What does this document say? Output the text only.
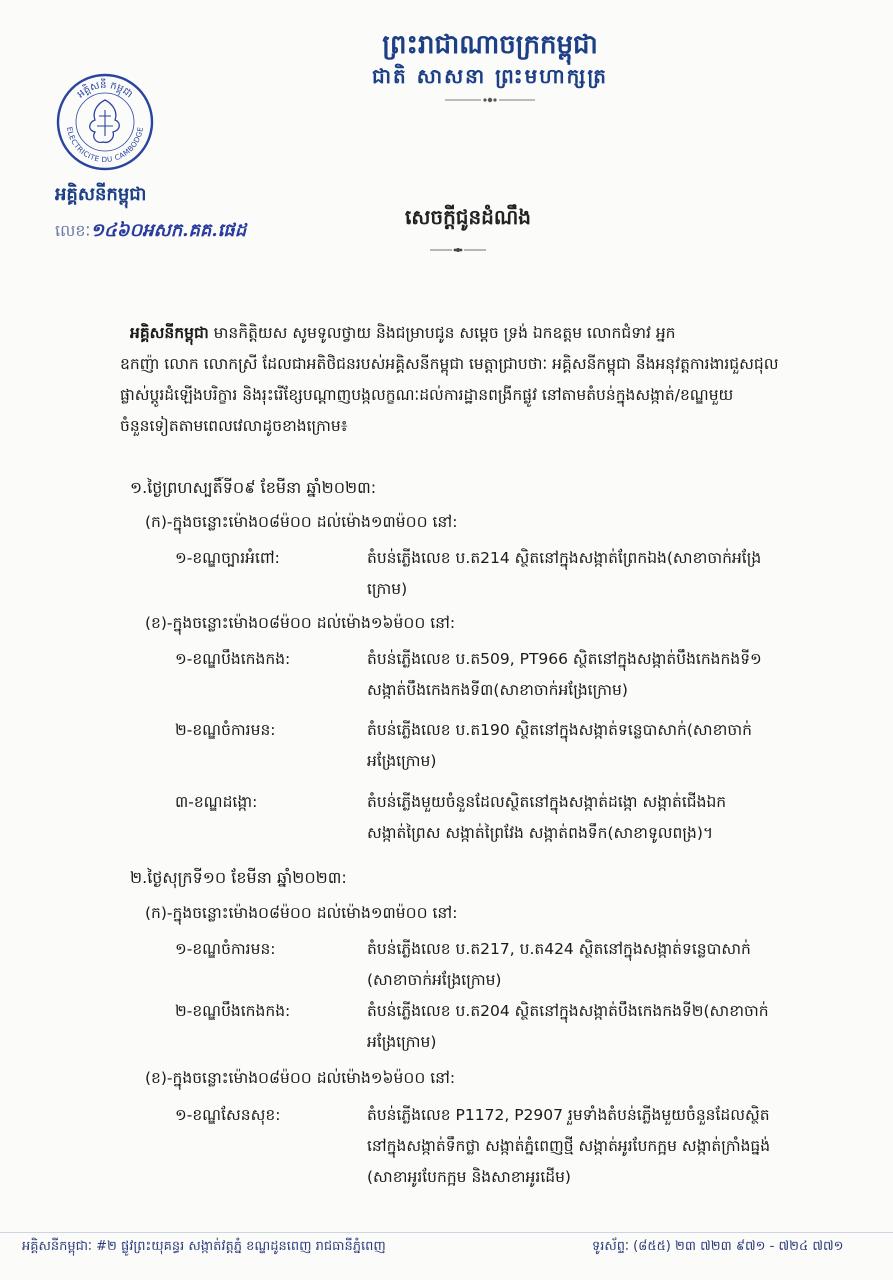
ព្រះរាជាណាចក្រកម្ពុជា
ជាតិ សាសនា ព្រះមហាក្សត្រ
អគ្គិសនី កម្ពុជា
ELECTRICITE DU CAMBODGE
អគ្គិសនីកម្ពុជា
លេខៈ១៤៦០អសក.គគ.ផេដ
សេចក្តីជូនដំណឹង
អគ្គិសនីកម្ពុជា មានកិត្តិយស សូមទូលថ្វាយ និងជម្រាបជូន សម្តេច ទ្រង់ ឯកឧត្តម លោកជំទាវ អ្នក
ឧកញ៉ា លោក លោកស្រី ដែលជាអតិថិជនរបស់អគ្គិសនីកម្ពុជា មេត្តាជ្រាបថាៈ អគ្គិសនីកម្ពុជា នឹងអនុវត្តការងារជួសជុល
ផ្លាស់ប្តូរដំឡើងបរិក្ខារ និងរុះរើខ្សែបណ្តាញបង្កលក្ខណៈដល់ការដ្ឋានពង្រីកផ្លូវ នៅតាមតំបន់ក្នុងសង្កាត់/ខណ្ឌមួយ
ចំនួនទៀតតាមពេលវេលាដូចខាងក្រោម៖
១.ថ្ងៃព្រហស្បតិ៍ទី០៩ ខែមីនា ឆ្នាំ២០២៣:
(ក)-ក្នុងចន្លោះម៉ោង០៨ម៉០០ ដល់ម៉ោង១៣ម៉០០ នៅ:
១-ខណ្ឌច្បារអំពៅ:	តំបន់ភ្លើងលេខ ប.ត214 ស្ថិតនៅក្នុងសង្កាត់ព្រែកឯង(សាខាចាក់អង្រែ
ក្រោម)
(ខ)-ក្នុងចន្លោះម៉ោង០៨ម៉០០ ដល់ម៉ោង១៦ម៉០០ នៅ:
១-ខណ្ឌបឹងកេងកង:	តំបន់ភ្លើងលេខ ប.ត509, PT966 ស្ថិតនៅក្នុងសង្កាត់បឹងកេងកងទី១
សង្កាត់បឹងកេងកងទី៣(សាខាចាក់អង្រែក្រោម)
២-ខណ្ឌចំការមន:	តំបន់ភ្លើងលេខ ប.ត190 ស្ថិតនៅក្នុងសង្កាត់ទន្លេបាសាក់(សាខាចាក់
អង្រែក្រោម)
៣-ខណ្ឌដង្កោ:	តំបន់ភ្លើងមួយចំនួនដែលស្ថិតនៅក្នុងសង្កាត់ដង្កោ សង្កាត់ជើងឯក
សង្កាត់ព្រៃស សង្កាត់ព្រៃវែង សង្កាត់ពងទឹក(សាខាទូលពង្រ)។
២.ថ្ងៃសុក្រទី១០ ខែមីនា ឆ្នាំ២០២៣:
(ក)-ក្នុងចន្លោះម៉ោង០៨ម៉០០ ដល់ម៉ោង១៣ម៉០០ នៅ:
១-ខណ្ឌចំការមន:	តំបន់ភ្លើងលេខ ប.ត217, ប.ត424 ស្ថិតនៅក្នុងសង្កាត់ទន្លេបាសាក់
(សាខាចាក់អង្រែក្រោម)
២-ខណ្ឌបឹងកេងកង:	តំបន់ភ្លើងលេខ ប.ត204 ស្ថិតនៅក្នុងសង្កាត់បឹងកេងកងទី២(សាខាចាក់
អង្រែក្រោម)
(ខ)-ក្នុងចន្លោះម៉ោង០៨ម៉០០ ដល់ម៉ោង១៦ម៉០០ នៅ:
១-ខណ្ឌសែនសុខ:	តំបន់ភ្លើងលេខ P1172, P2907 រួមទាំងតំបន់ភ្លើងមួយចំនួនដែលស្ថិត
នៅក្នុងសង្កាត់ទឹកថ្លា សង្កាត់ភ្នំពេញថ្មី សង្កាត់អូរបែកក្អម សង្កាត់ក្រាំងធ្នង់
(សាខាអូរបែកក្អម និងសាខាអូរដើម)
អគ្គិសនីកម្ពុជាៈ #២ ផ្លូវព្រះយុគន្ធរ សង្កាត់វត្តភ្នំ ខណ្ឌដូនពេញ រាជធានីភ្នំពេញ	ទូរស័ព្ទៈ (៨៥៥) ២៣ ៧២៣ ៩៧១ - ៧២៤ ៧៧១
